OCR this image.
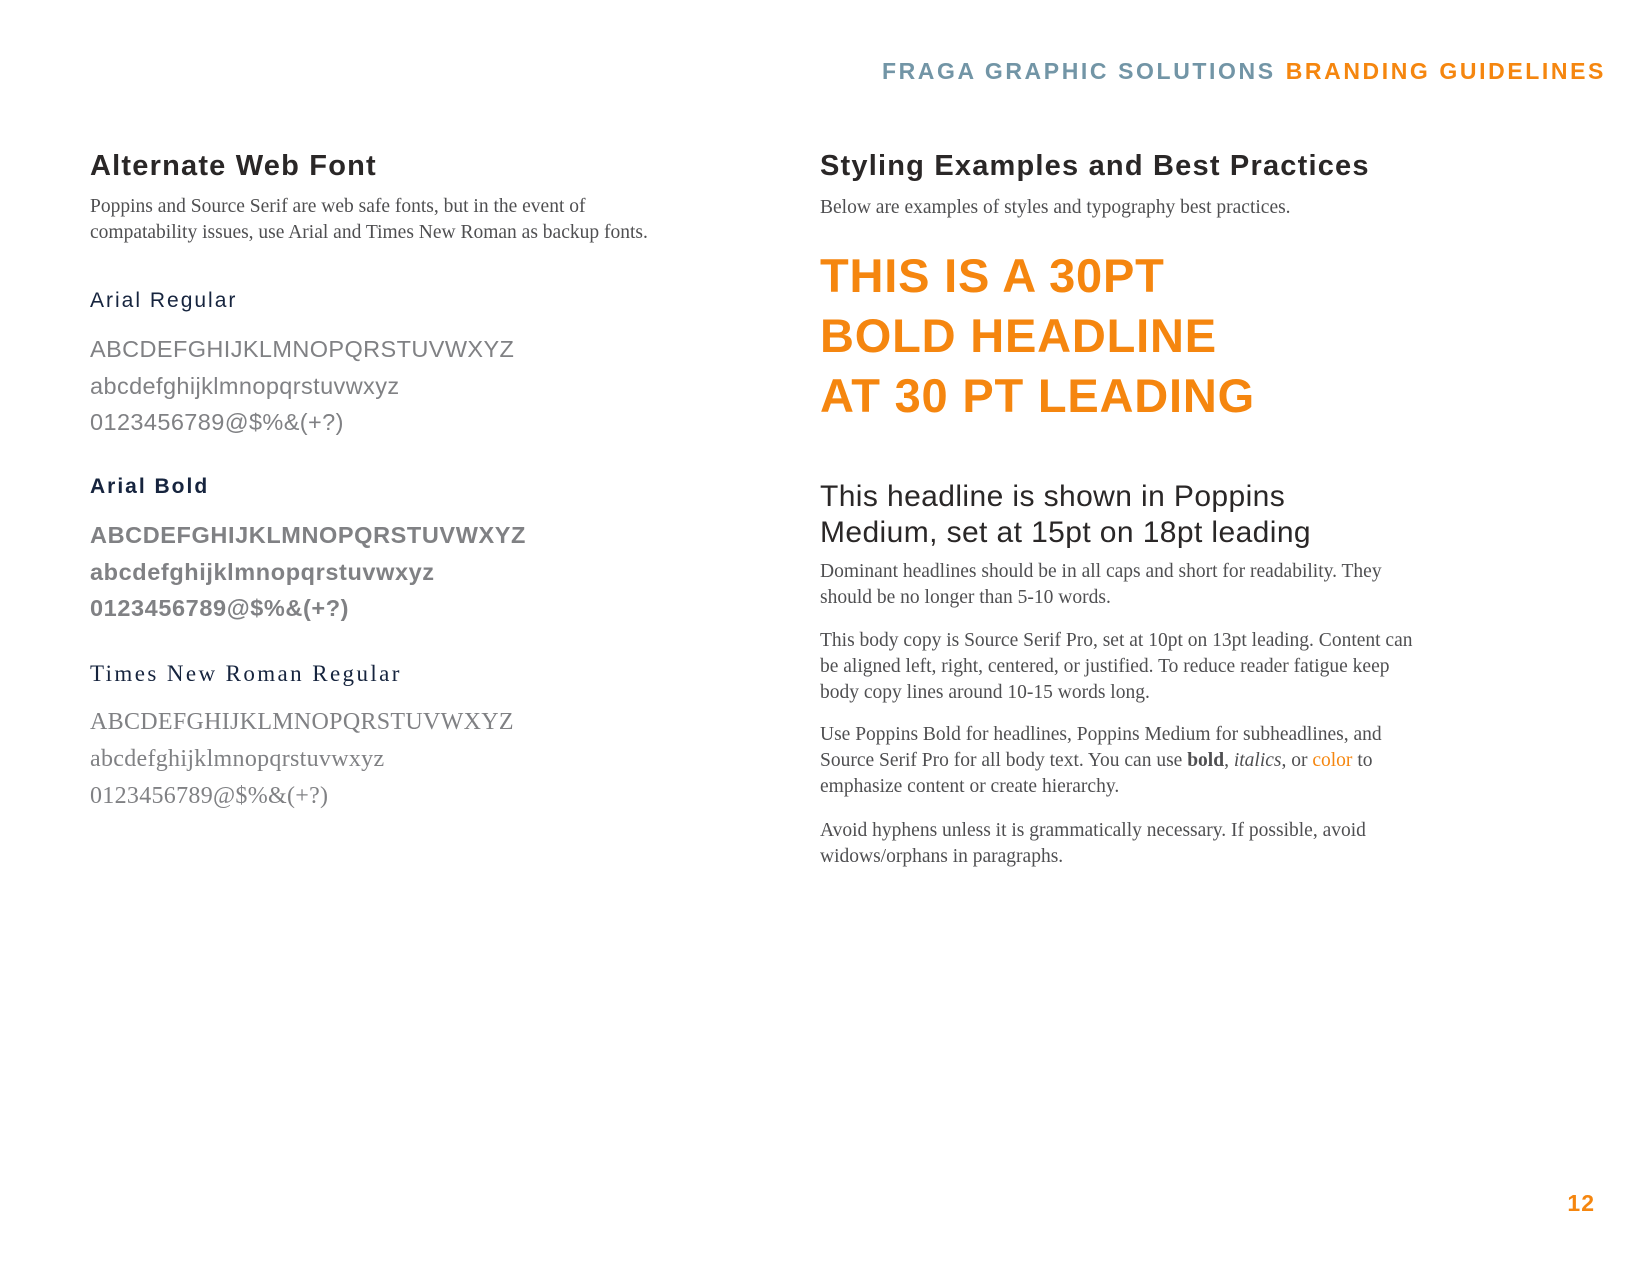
FRAGA GRAPHIC SOLUTIONS BRANDING GUIDELINES
Alternate Web Font

Poppins and Source Serif are web safe fonts, but in the event of
compatability issues, use Arial and Times New Roman as backup fonts.

Arial Regular
ABCDEFGHIJKLMNOPQRSTUVWXYZ
abcdefghijklmnopqrstuvwxyz
0123456789@$%&(+?)
Arial Bold
ABCDEFGHIJKLMNOPQRSTUVWXYZ
abcdefghijklmnopqrstuvwxyz
0123456789@$%&(+?)
Times New Roman Regular
ABCDEFGHIJKLMNOPQRSTUVWXYZ
abcdefghijklmnopqrstuvwxyz
0123456789@$%&(+?)
Styling Examples and Best Practices

Below are examples of styles and typography best practices.

THIS IS A 30PT
BOLD HEADLINE
AT 30 PT LEADING
This headline is shown in Poppins
Medium, set at 15pt on 18pt leading

Dominant headlines should be in all caps and short for readability. They
should be no longer than 5-10 words.

This body copy is Source Serif Pro, set at 10pt on 13pt leading. Content can
be aligned left, right, centered, or justified. To reduce reader fatigue keep
body copy lines around 10-15 words long.

Use Poppins Bold for headlines, Poppins Medium for subheadlines, and
Source Serif Pro for all body text. You can use bold, italics, or color to
emphasize content or create hierarchy.

Avoid hyphens unless it is grammatically necessary. If possible, avoid
widows/orphans in paragraphs.

12
